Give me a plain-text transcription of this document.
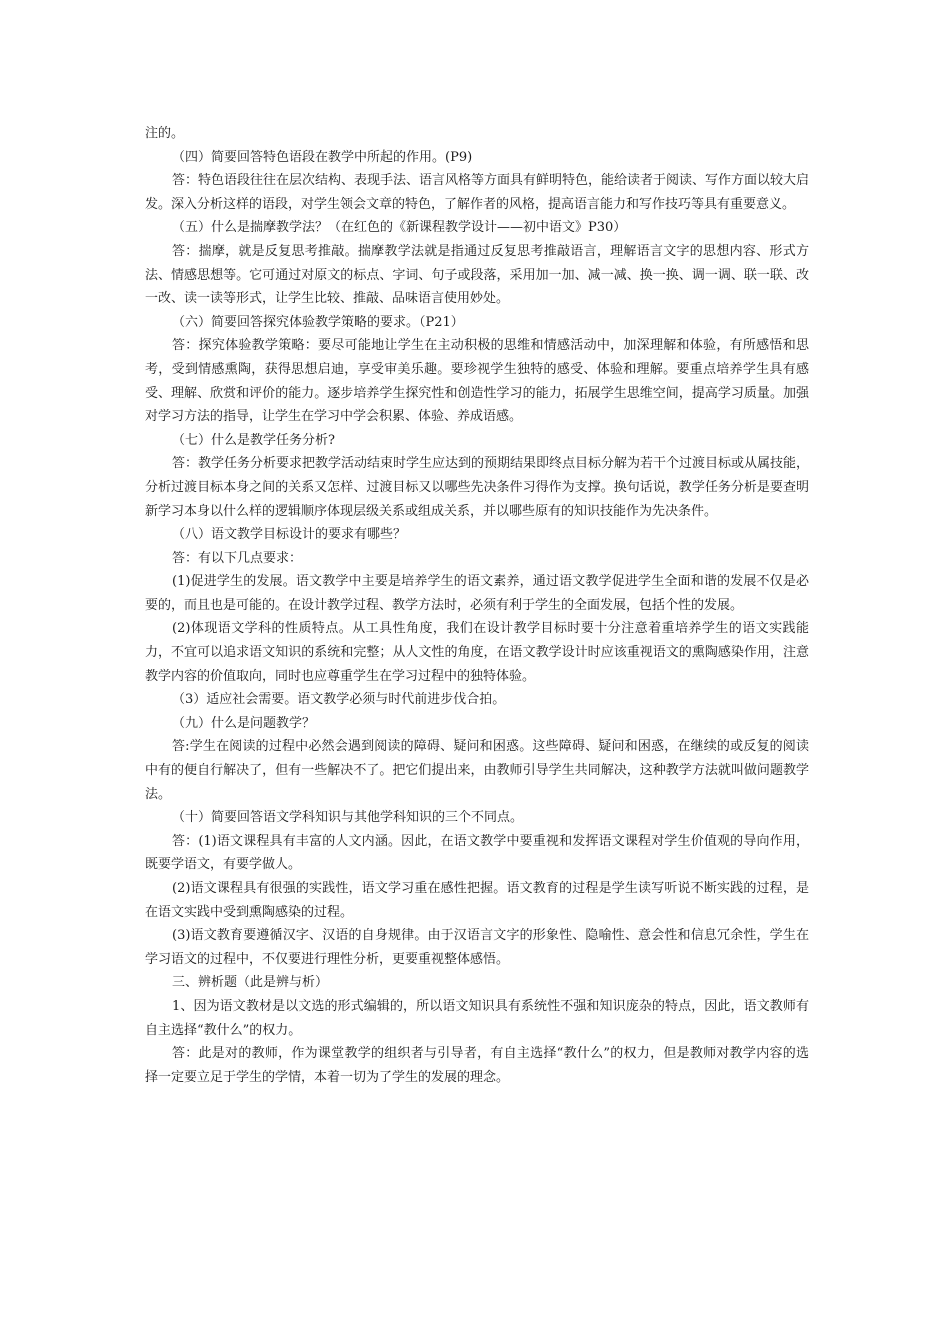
注的。

（四）简要回答特色语段在教学中所起的作用。(P9)

答：特色语段往往在层次结构、表现手法、语言风格等方面具有鲜明特色，能给读者于阅读、写作方面以较大启发。深入分析这样的语段，对学生领会文章的特色，了解作者的风格，提高语言能力和写作技巧等具有重要意义。

（五）什么是揣摩教学法？（在红色的《新课程教学设计——初中语文》P30）

答：揣摩，就是反复思考推敲。揣摩教学法就是指通过反复思考推敲语言，理解语言文字的思想内容、形式方法、情感思想等。它可通过对原文的标点、字词、句子或段落，采用加一加、减一减、换一换、调一调、联一联、改一改、读一读等形式，让学生比较、推敲、品味语言使用妙处。

（六）简要回答探究体验教学策略的要求。（P21）

答：探究体验教学策略：要尽可能地让学生在主动积极的思维和情感活动中，加深理解和体验，有所感悟和思考，受到情感熏陶，获得思想启迪，享受审美乐趣。要珍视学生独特的感受、体验和理解。要重点培养学生具有感受、理解、欣赏和评价的能力。逐步培养学生探究性和创造性学习的能力，拓展学生思维空间，提高学习质量。加强对学习方法的指导，让学生在学习中学会积累、体验、养成语感。

（七）什么是教学任务分析?

答：教学任务分析要求把教学活动结束时学生应达到的预期结果即终点目标分解为若干个过渡目标或从属技能，分析过渡目标本身之间的关系又怎样、过渡目标又以哪些先决条件习得作为支撑。换句话说，教学任务分析是要查明新学习本身以什么样的逻辑顺序体现层级关系或组成关系，并以哪些原有的知识技能作为先决条件。

（八）语文教学目标设计的要求有哪些？

答：有以下几点要求：

(1)促进学生的发展。语文教学中主要是培养学生的语文素养，通过语文教学促进学生全面和谐的发展不仅是必要的，而且也是可能的。在设计教学过程、教学方法时，必须有利于学生的全面发展，包括个性的发展。

(2)体现语文学科的性质特点。从工具性角度，我们在设计教学目标时要十分注意着重培养学生的语文实践能力，不宜可以追求语文知识的系统和完整；从人文性的角度，在语文教学设计时应该重视语文的熏陶感染作用，注意教学内容的价值取向，同时也应尊重学生在学习过程中的独特体验。

（3）适应社会需要。语文教学必须与时代前进步伐合拍。

（九）什么是问题教学？

答:学生在阅读的过程中必然会遇到阅读的障碍、疑问和困惑。这些障碍、疑问和困惑，在继续的或反复的阅读中有的便自行解决了，但有一些解决不了。把它们提出来，由教师引导学生共同解决，这种教学方法就叫做问题教学法。

（十）简要回答语文学科知识与其他学科知识的三个不同点。

答：(1)语文课程具有丰富的人文内涵。因此，在语文教学中要重视和发挥语文课程对学生价值观的导向作用，既要学语文，有要学做人。

(2)语文课程具有很强的实践性，语文学习重在感性把握。语文教育的过程是学生读写听说不断实践的过程，是在语文实践中受到熏陶感染的过程。

(3)语文教育要遵循汉字、汉语的自身规律。由于汉语言文字的形象性、隐喻性、意会性和信息冗余性，学生在学习语文的过程中，不仅要进行理性分析，更要重视整体感悟。

三、辨析题（此是辨与析）

1、因为语文教材是以文选的形式编辑的，所以语文知识具有系统性不强和知识庞杂的特点，因此，语文教师有自主选择“教什么”的权力。

答：此是对的教师，作为课堂教学的组织者与引导者，有自主选择“教什么”的权力，但是教师对教学内容的选择一定要立足于学生的学情，本着一切为了学生的发展的理念。
